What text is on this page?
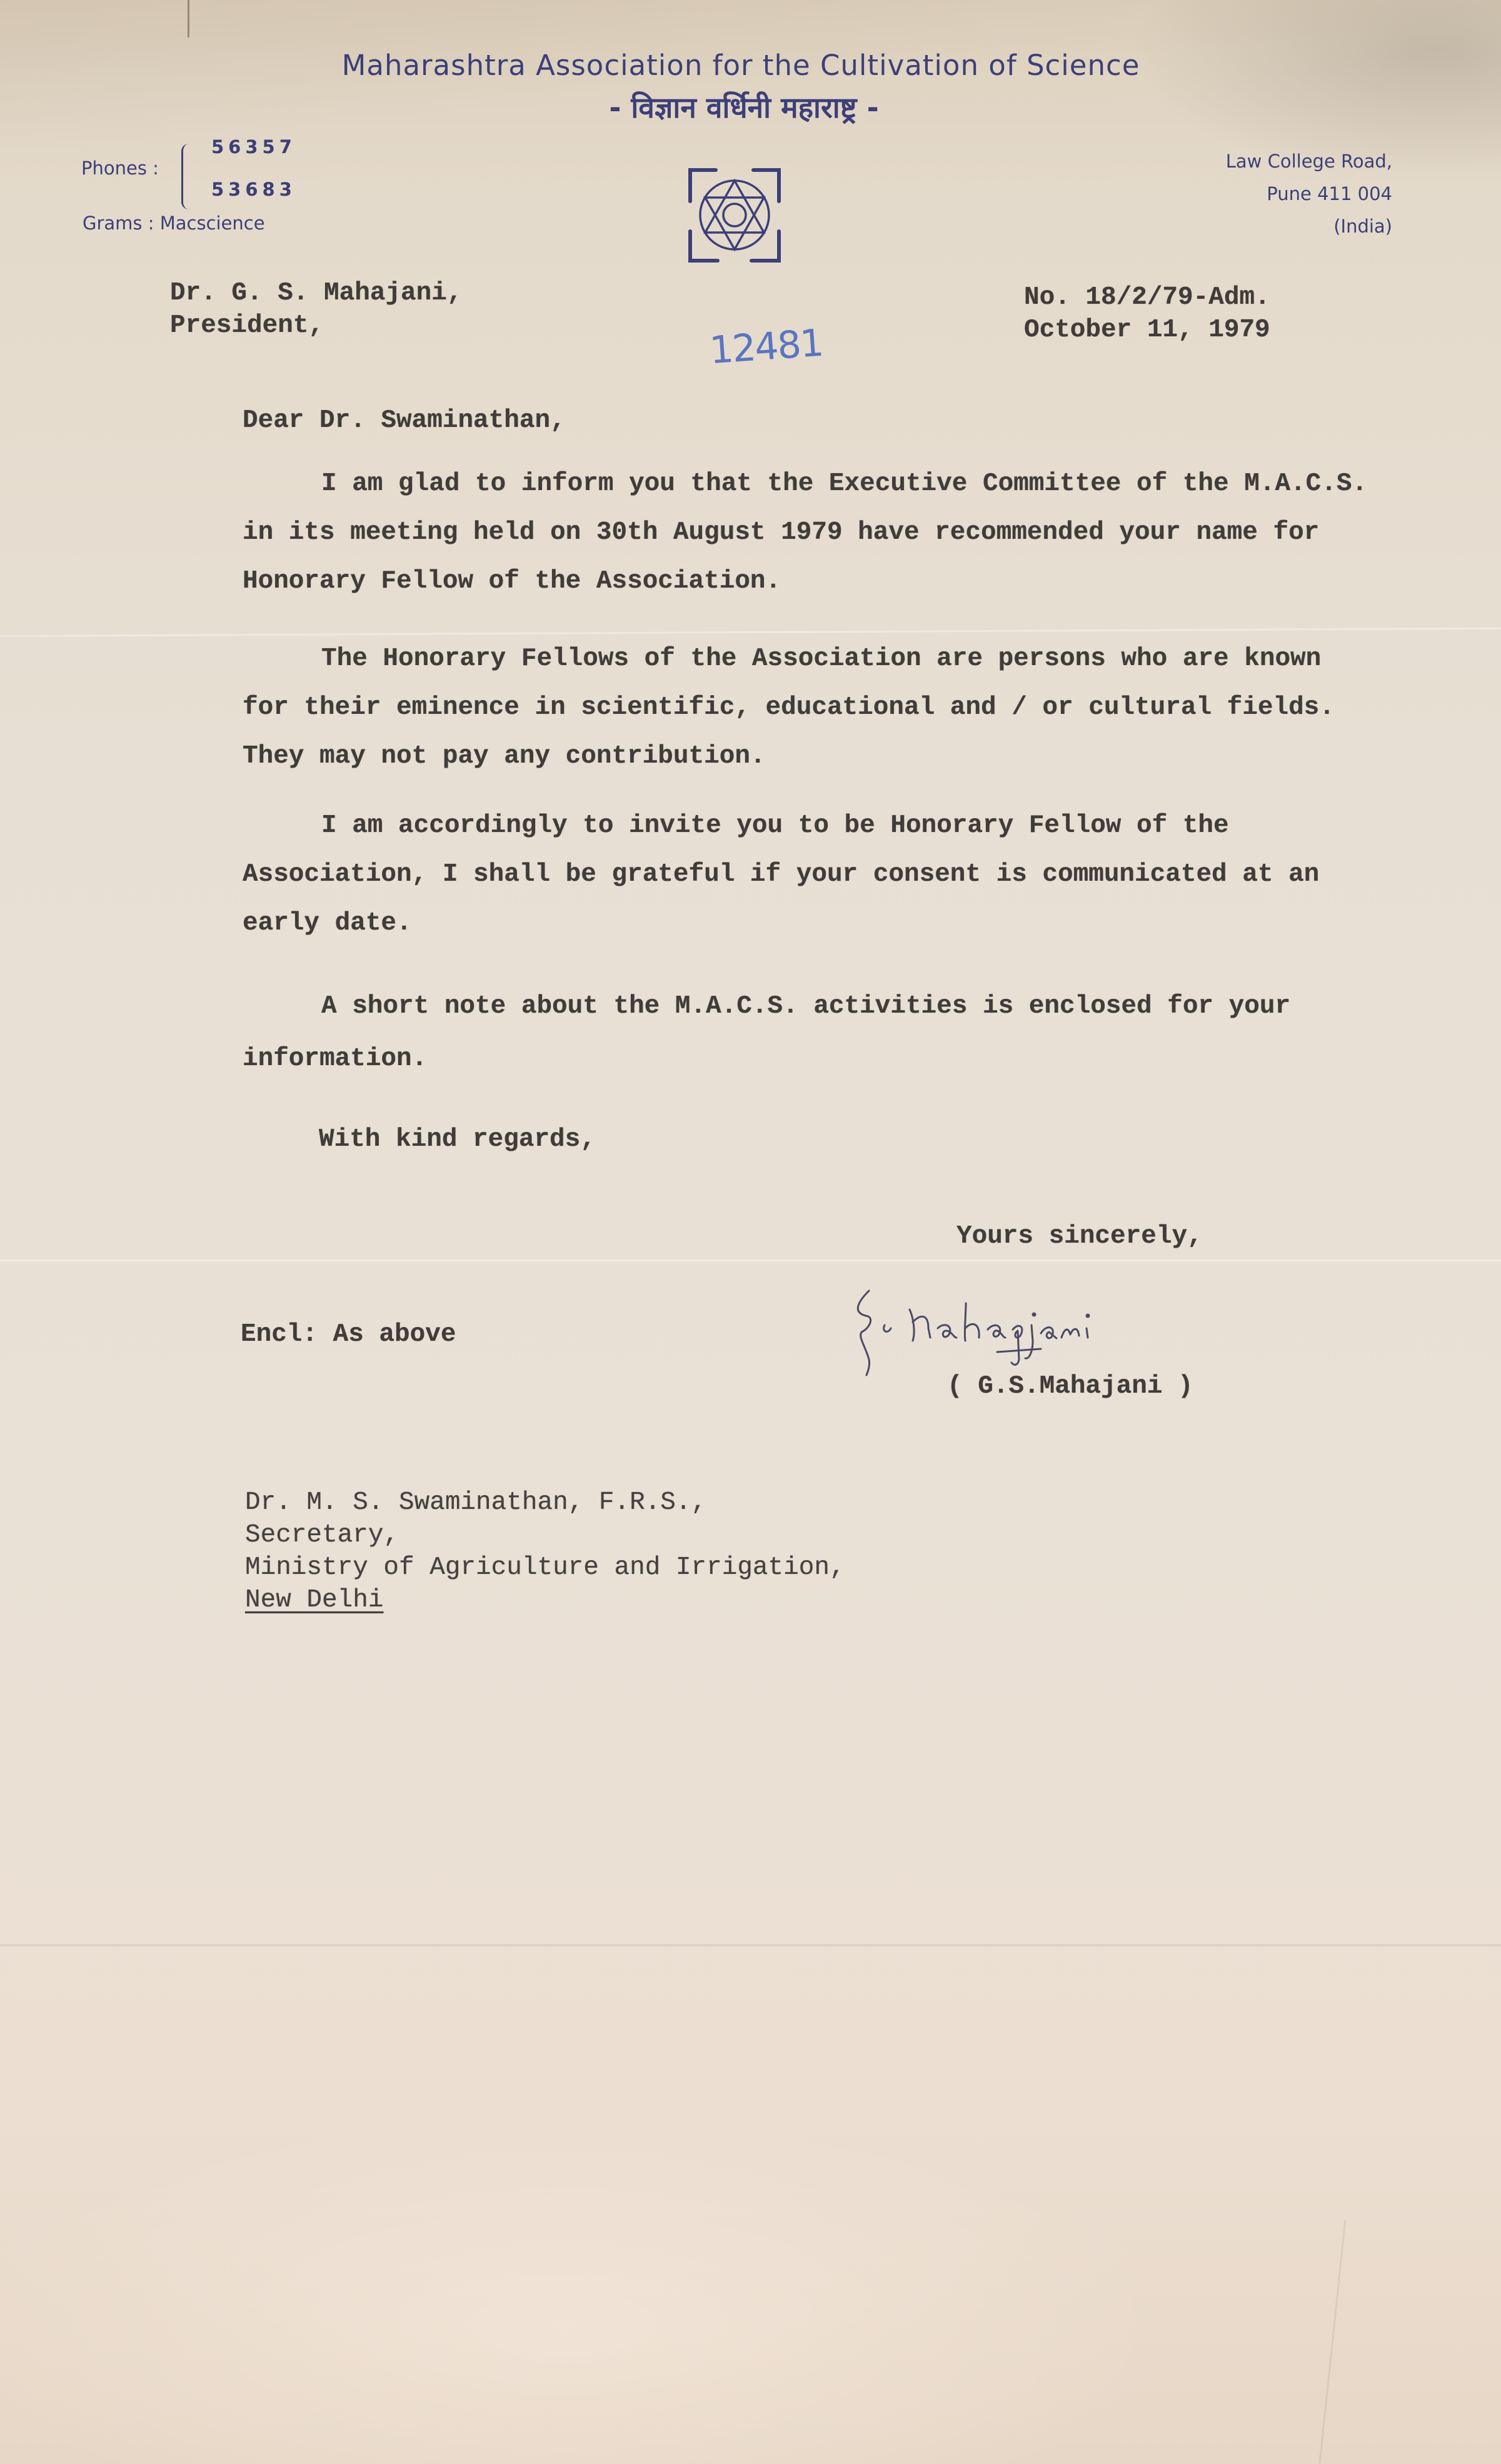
Maharashtra Association for the Cultivation of Science
- विज्ञान वर्धिनी महाराष्ट्र -
Phones :
56357
53683
Grams : Macscience
Law College Road,
Pune 411 004
(India)
Dr. G. S. Mahajani,
President,
No. 18/2/79-Adm.
October 11, 1979
12481
Dear Dr. Swaminathan,
I am glad to inform you that the Executive Committee of the M.A.C.S.
in its meeting held on 30th August 1979 have recommended your name for
Honorary Fellow of the Association.
The Honorary Fellows of the Association are persons who are known
for their eminence in scientific, educational and / or cultural fields.
They may not pay any contribution.
I am accordingly to invite you to be Honorary Fellow of the
Association, I shall be grateful if your consent is communicated at an
early date.
A short note about the M.A.C.S. activities is enclosed for your
information.
With kind regards,
Yours sincerely,
Encl: As above
( G.S.Mahajani )
Dr. M. S. Swaminathan, F.R.S.,
Secretary,
Ministry of Agriculture and Irrigation,
New Delhi
